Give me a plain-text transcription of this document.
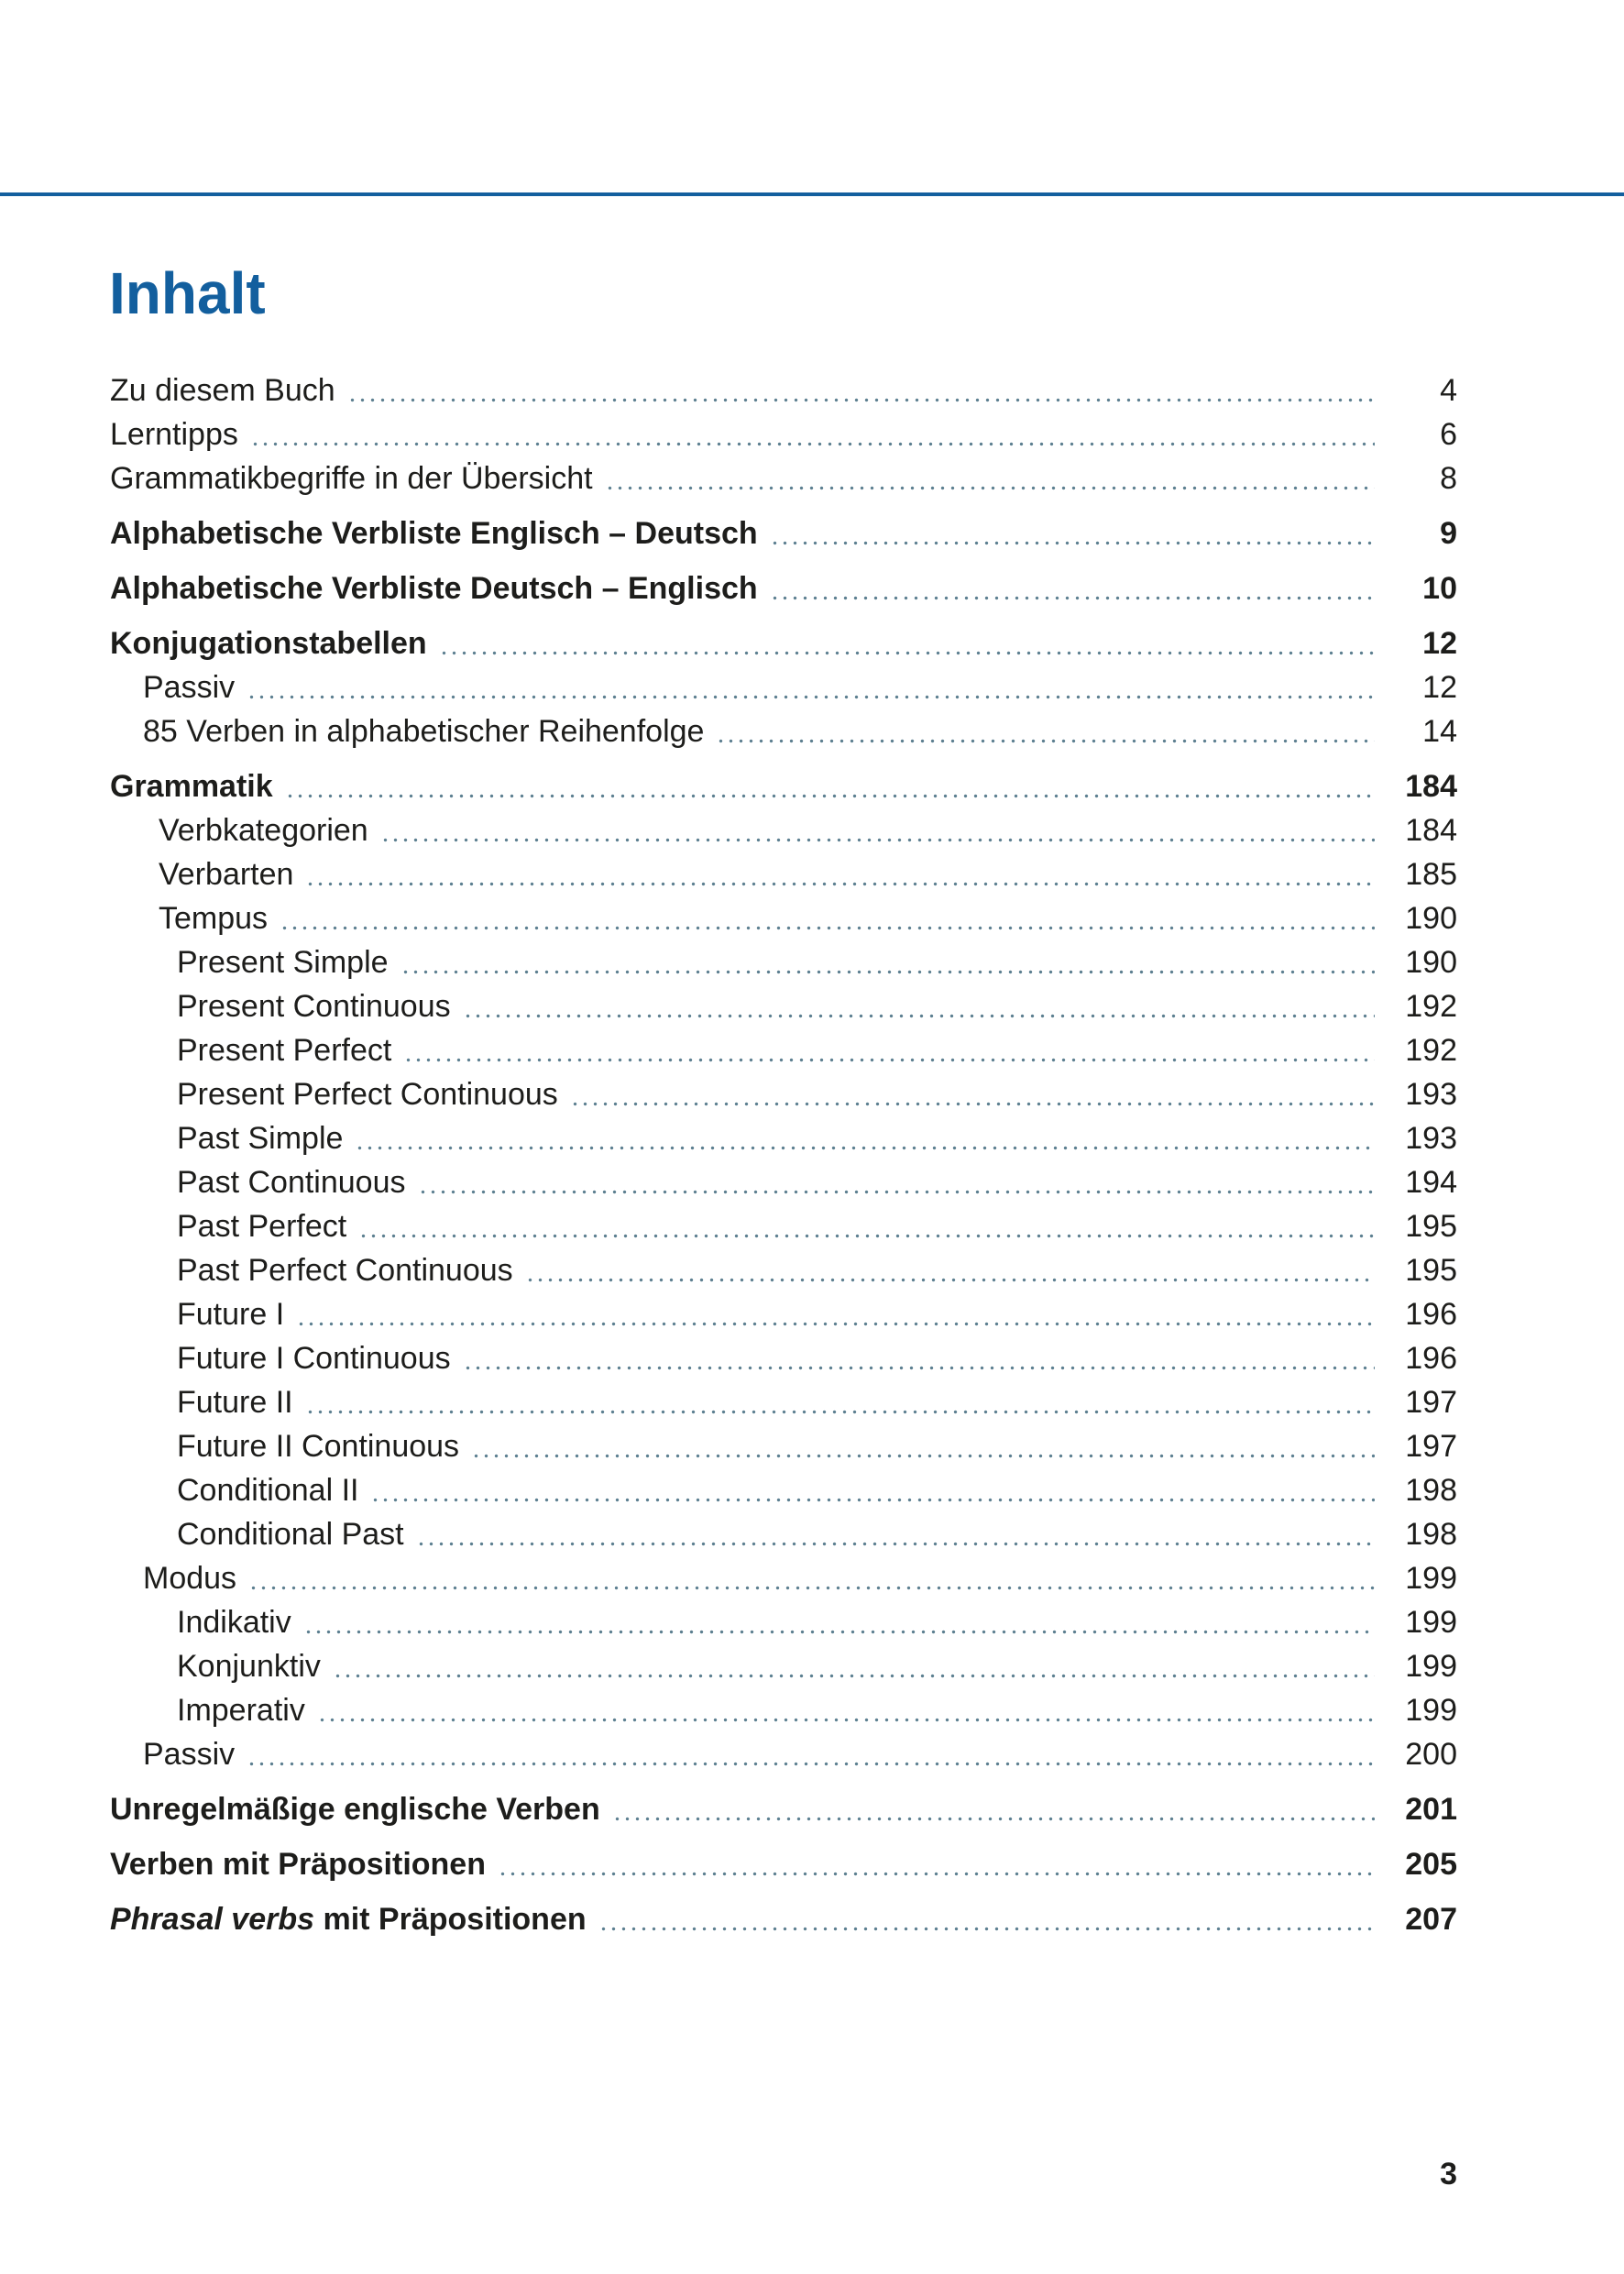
Inhalt
Zu diesem Buch	4
Lerntipps	6
Grammatikbegriffe in der Übersicht	8
Alphabetische Verbliste Englisch – Deutsch	9
Alphabetische Verbliste Deutsch – Englisch	10
Konjugationstabellen	12
Passiv	12
85 Verben in alphabetischer Reihenfolge	14
Grammatik	184
Verbkategorien	184
Verbarten	185
Tempus	190
Present Simple	190
Present Continuous	192
Present Perfect	192
Present Perfect Continuous	193
Past Simple	193
Past Continuous	194
Past Perfect	195
Past Perfect Continuous	195
Future I	196
Future I Continuous	196
Future II	197
Future II Continuous	197
Conditional II	198
Conditional Past	198
Modus	199
Indikativ	199
Konjunktiv	199
Imperativ	199
Passiv	200
Unregelmäßige englische Verben	201
Verben mit Präpositionen	205
Phrasal verbs mit Präpositionen	207
3
